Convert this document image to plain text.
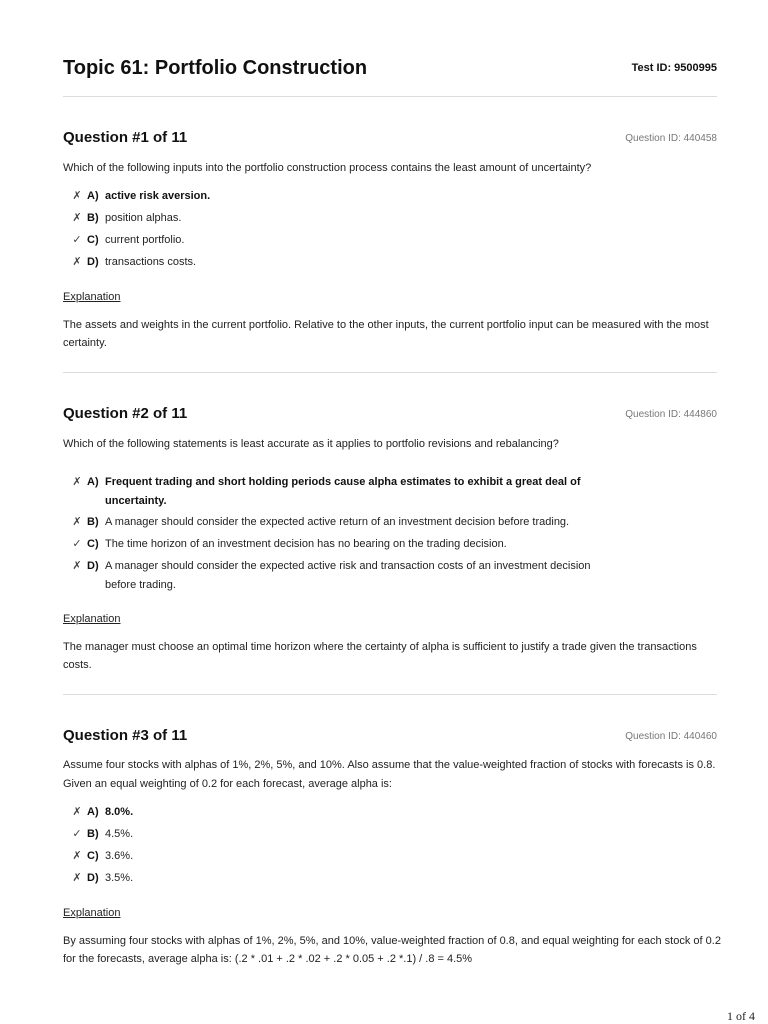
Topic 61: Portfolio Construction	Test ID: 9500995
Question #1 of 11	Question ID: 440458
Which of the following inputs into the portfolio construction process contains the least amount of uncertainty?
✗ A) active risk aversion.
✗ B) position alphas.
✓ C) current portfolio.
✗ D) transactions costs.
Explanation
The assets and weights in the current portfolio. Relative to the other inputs, the current portfolio input can be measured with the most certainty.
Question #2 of 11	Question ID: 444860
Which of the following statements is least accurate as it applies to portfolio revisions and rebalancing?
✗ A) Frequent trading and short holding periods cause alpha estimates to exhibit a great deal of uncertainty.
✗ B) A manager should consider the expected active return of an investment decision before trading.
✓ C) The time horizon of an investment decision has no bearing on the trading decision.
✗ D) A manager should consider the expected active risk and transaction costs of an investment decision before trading.
Explanation
The manager must choose an optimal time horizon where the certainty of alpha is sufficient to justify a trade given the transactions costs.
Question #3 of 11	Question ID: 440460
Assume four stocks with alphas of 1%, 2%, 5%, and 10%. Also assume that the value-weighted fraction of stocks with forecasts is 0.8. Given an equal weighting of 0.2 for each forecast, average alpha is:
✗ A) 8.0%.
✓ B) 4.5%.
✗ C) 3.6%.
✗ D) 3.5%.
Explanation
By assuming four stocks with alphas of 1%, 2%, 5%, and 10%, value-weighted fraction of 0.8, and equal weighting for each stock of 0.2 for the forecasts, average alpha is: (.2 * .01 + .2 * .02 + .2 * 0.05 + .2 *.1) / .8 = 4.5%
1 of 4
